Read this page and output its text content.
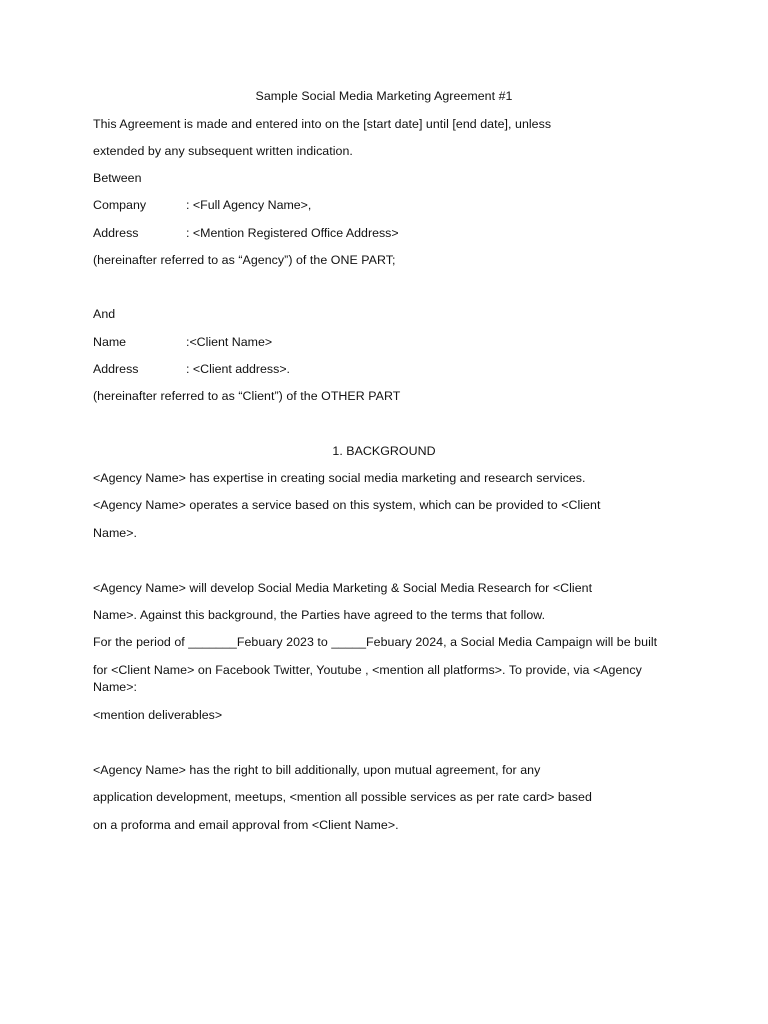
Sample Social Media Marketing Agreement #1
This Agreement is made and entered into on the [start date] until [end date], unless
extended by any subsequent written indication.
Between
Company	: <Full Agency Name>,
Address	: <Mention Registered Office Address>
(hereinafter referred to as “Agency”) of the ONE PART;
And
Name	:<Client Name>
Address	: <Client address>.
(hereinafter referred to as “Client”) of the OTHER PART
1. BACKGROUND
<Agency Name> has expertise in creating social media marketing and research services.
<Agency Name> operates a service based on this system, which can be provided to <Client
Name>.
<Agency Name> will develop Social Media Marketing & Social Media Research for <Client
Name>. Against this background, the Parties have agreed to the terms that follow.
For the period of _______Febuary 2023 to _____Febuary 2024, a Social Media Campaign will be built
for <Client Name> on Facebook Twitter, Youtube , <mention all platforms>. To provide, via <Agency
Name>:
<mention deliverables>
<Agency Name> has the right to bill additionally, upon mutual agreement, for any
application development, meetups, <mention all possible services as per rate card> based
on a proforma and email approval from <Client Name>.
